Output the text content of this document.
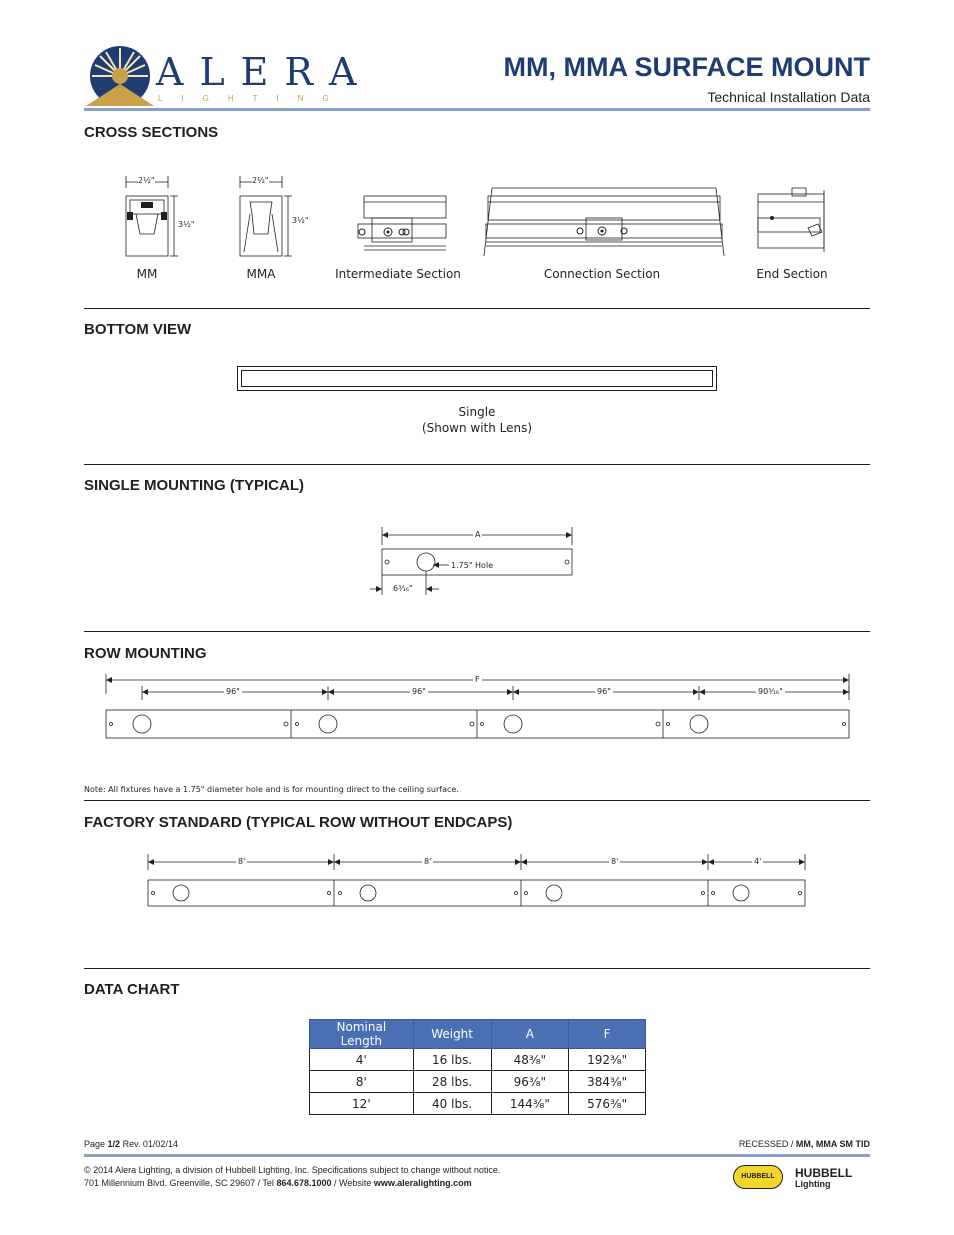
ALERA
LIGHTING
MM, MMA SURFACE MOUNT
Technical Installation Data
CROSS SECTIONS
2½"
3½"
2½"
3½"
MM	MMA	Intermediate Section	Connection Section	End Section
BOTTOM VIEW
Single
(Shown with Lens)
SINGLE MOUNTING (TYPICAL)
A
1.75" Hole
6³⁄₁₆"
ROW MOUNTING
F
96"	96"	96"	90³⁄₁₆"
Note: All fixtures have a 1.75" diameter hole and is for mounting direct to the ceiling surface.
FACTORY STANDARD (TYPICAL ROW WITHOUT ENDCAPS)
8'	8'	8'	4'
DATA CHART
Nominal Length	Weight	A	F
4'	16 lbs.	48³⁄₈"	192³⁄₈"
8'	28 lbs.	96³⁄₈"	384³⁄₈"
12'	40 lbs.	144³⁄₈"	576³⁄₈"
Page 1/2 Rev. 01/02/14	RECESSED / MM, MMA SM TID
© 2014 Alera Lighting, a division of Hubbell Lighting, Inc. Specifications subject to change without notice.
701 Millennium Blvd. Greenville, SC 29607 / Tel 864.678.1000 / Website www.aleralighting.com
HUBBELL HUBBELL
Lighting
